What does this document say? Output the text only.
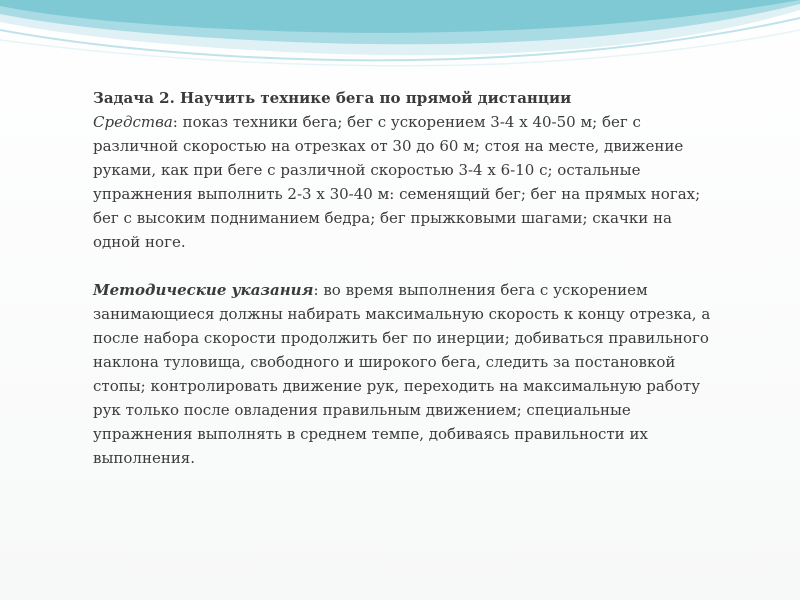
Задача 2. Научить технике бега по прямой дистанции
Средства: показ техники бега; бег с ускорением 3-4 х 40-50 м; бег с различной скоростью на отрезках от 30 до 60 м; стоя на месте, движение руками, как при беге с различной скоростью 3-4 х 6-10 с; остальные упражнения выполнить 2-3 х 30-40 м: семенящий бег; бег на прямых ногах; бег с высоким подниманием бедра; бег прыжковыми шагами; скачки на одной ноге.

Методические указания: во время выполнения бега с ускорением занимающиеся должны набирать максимальную скорость к концу отрезка, а после набора скорости продолжить бег по инерции; добиваться правильного наклона туловища, свободного и широкого бега, следить за постановкой стопы; контролировать движение рук, переходить на максимальную работу рук только после овладения правильным движением; специальные упражнения выполнять в среднем темпе, добиваясь правильности их выполнения.
